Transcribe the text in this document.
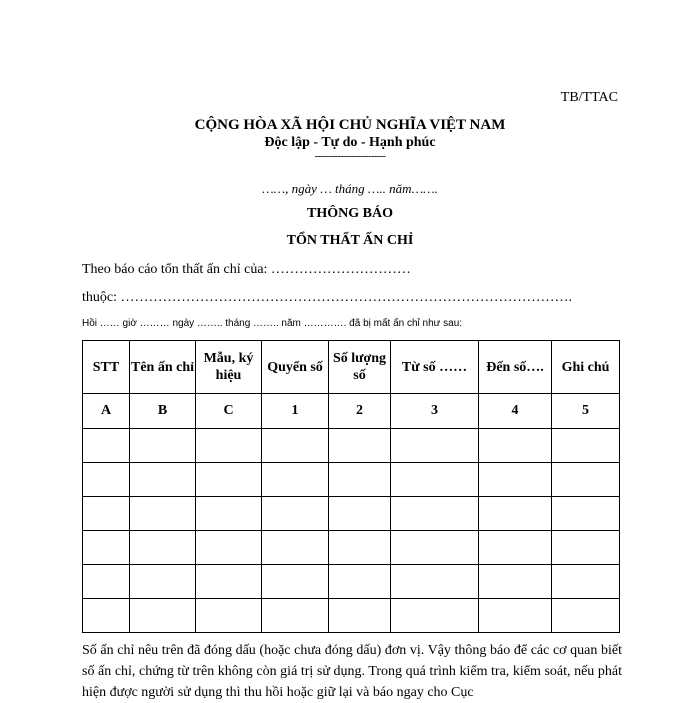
TB/TTAC
CỘNG HÒA XÃ HỘI CHỦ NGHĨA VIỆT NAM
Độc lập - Tự do - Hạnh phúc
-------------------------
……, ngày … tháng ….. năm…….
THÔNG BÁO
TỔN THẤT ẤN CHỈ
Theo báo cáo tổn thất ấn chỉ của: …………………………
thuộc: …………………………………………………………………………………….
Hồi …… giờ ……… ngày …….. tháng …….. năm …………. đã bị mất ấn chỉ như sau:
STT	Tên ấn chỉ	Mẫu, ký hiệu	Quyển số	Số lượng số	Từ số ……	Đến số….	Ghi chú
A	B	C	1	2	3	4	5

Số ấn chỉ nêu trên đã đóng dấu (hoặc chưa đóng dấu) đơn vị. Vậy thông báo để các cơ quan biết số ấn chỉ, chứng từ trên không còn giá trị sử dụng. Trong quá trình kiểm tra, kiểm soát, nếu phát hiện được người sử dụng thì thu hồi hoặc giữ lại và báo ngay cho Cục
